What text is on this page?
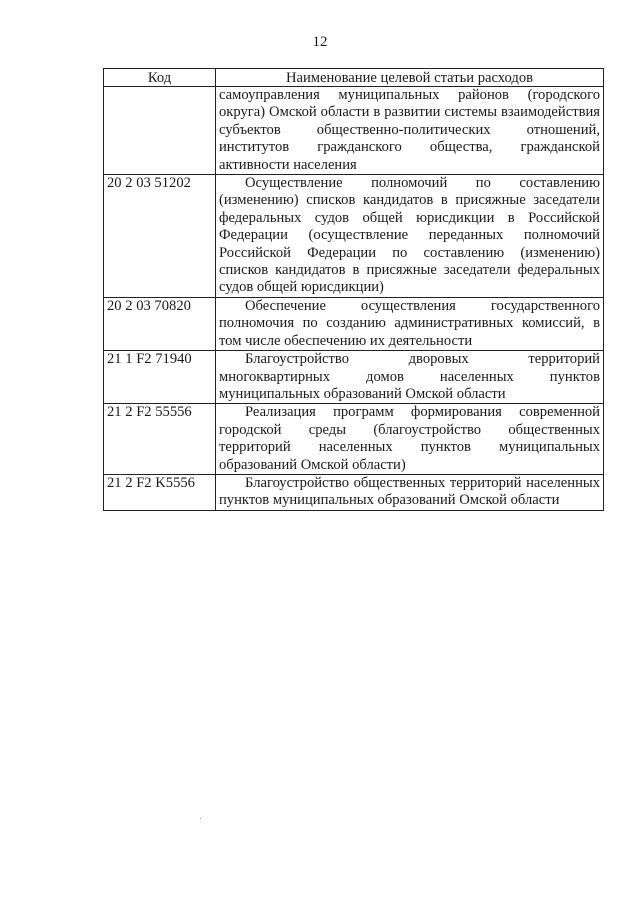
12
Код	Наименование целевой статьи расходов
	самоуправления муниципальных районов (городского округа) Омской области в развитии системы взаимодействия субъектов общественно-политических отношений, институтов гражданского общества, гражданской активности населения
20 2 03 51202	Осуществление полномочий по составлению (изменению) списков кандидатов в присяжные заседатели федеральных судов общей юрисдикции в Российской Федерации (осуществление переданных полномочий Российской Федерации по составлению (изменению) списков кандидатов в присяжные заседатели федеральных судов общей юрисдикции)
20 2 03 70820	Обеспечение осуществления государственного полномочия по созданию административных комиссий, в том числе обеспечению их деятельности
21 1 F2 71940	Благоустройство дворовых территорий многоквартирных домов населенных пунктов муниципальных образований Омской области
21 2 F2 55556	Реализация программ формирования современной городской среды (благоустройство общественных территорий населенных пунктов муниципальных образований Омской области)
21 2 F2 K5556	Благоустройство общественных территорий населенных пунктов муниципальных образований Омской области
